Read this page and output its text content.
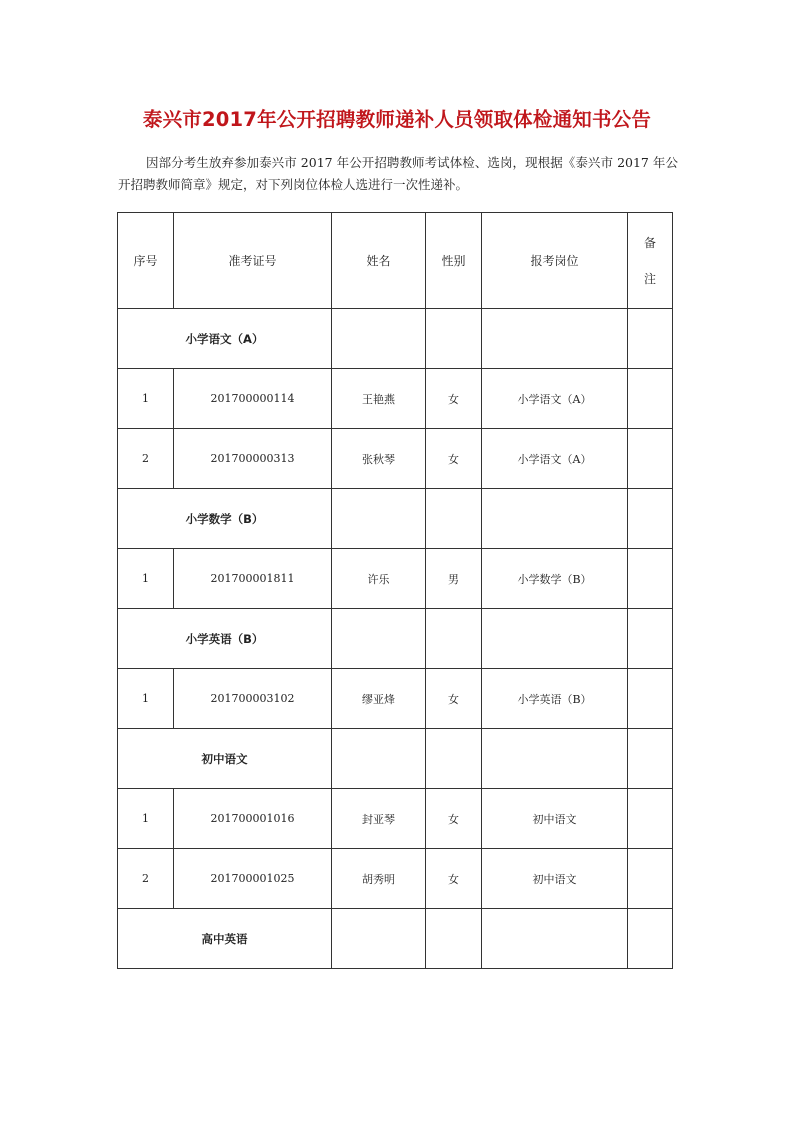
泰兴市2017年公开招聘教师递补人员领取体检通知书公告

因部分考生放弃参加泰兴市 2017 年公开招聘教师考试体检、选岗，现根据《泰兴市 2017 年公开招聘教师简章》规定，对下列岗位体检人选进行一次性递补。

序号	准考证号	姓名	性别	报考岗位	备
注

小学语文（A）					
1	201700000114	王艳燕	女	小学语文（A）	
2	201700000313	张秋琴	女	小学语文（A）	
小学数学（B）					
1	201700001811	许乐	男	小学数学（B）	
小学英语（B）					
1	201700003102	缪亚烽	女	小学英语（B）	
初中语文					
1	201700001016	封亚琴	女	初中语文	
2	201700001025	胡秀明	女	初中语文	
高中英语					
